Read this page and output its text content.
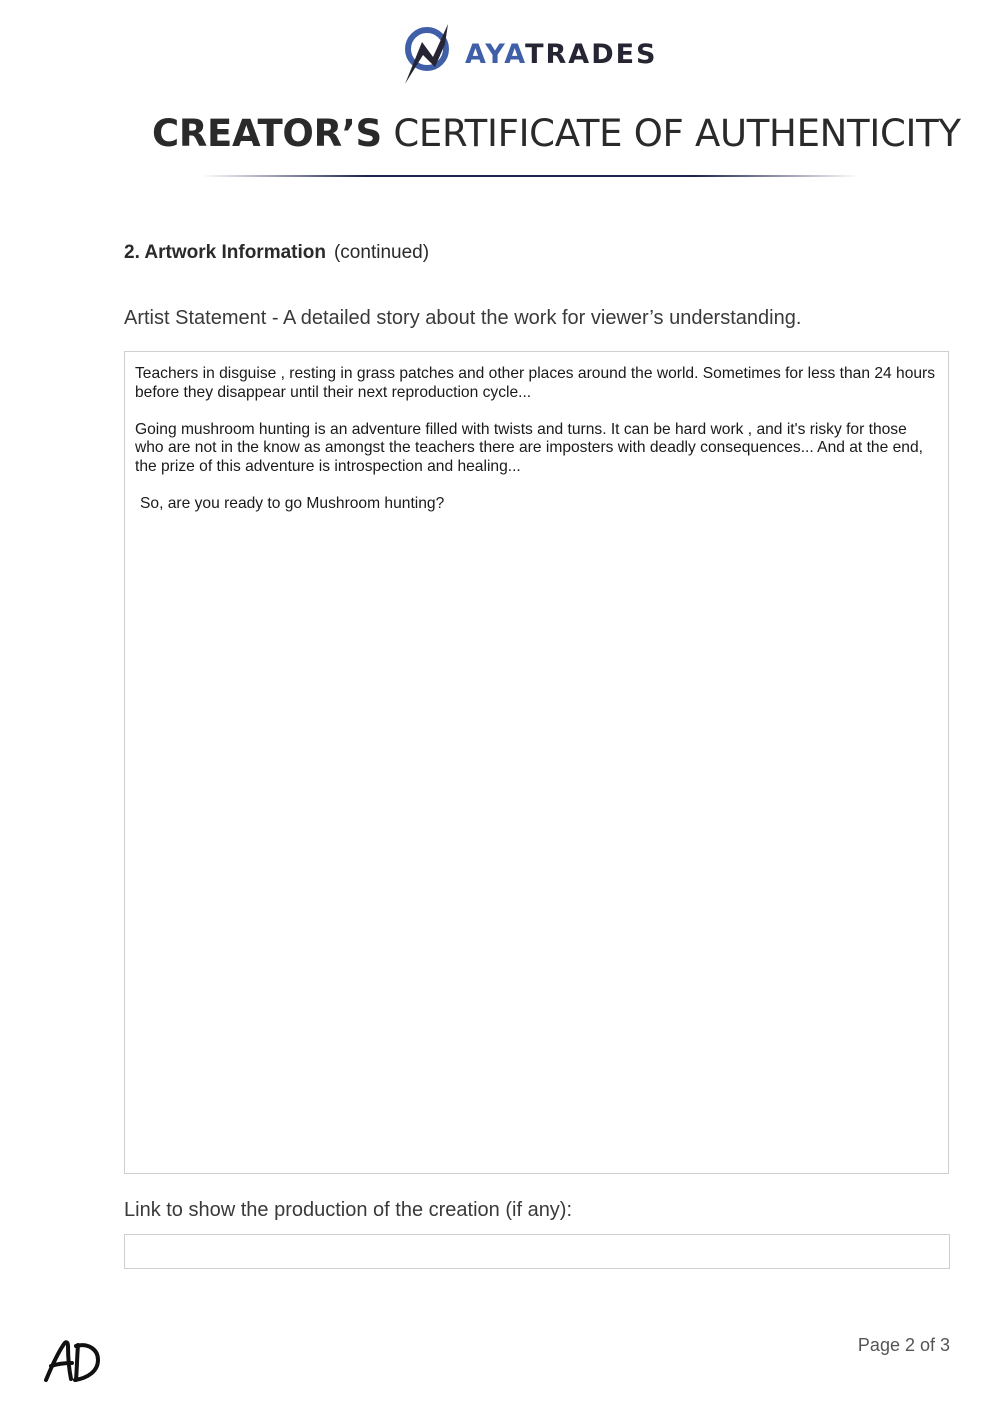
AYATRADES
CREATOR’S CERTIFICATE OF AUTHENTICITY
2. Artwork Information (continued)
Artist Statement - A detailed story about the work for viewer’s understanding.

Teachers in disguise , resting in grass patches and other places around the world. Sometimes for less than 24 hours before they disappear until their next reproduction cycle...

Going mushroom hunting is an adventure filled with twists and turns. It can be hard work , and it's risky for those who are not in the know as amongst the teachers there are imposters with deadly consequences... And at the end, the prize of this adventure is introspection and healing...

So, are you ready to go Mushroom hunting?

Link to show the production of the creation (if any):
Page 2 of 3
